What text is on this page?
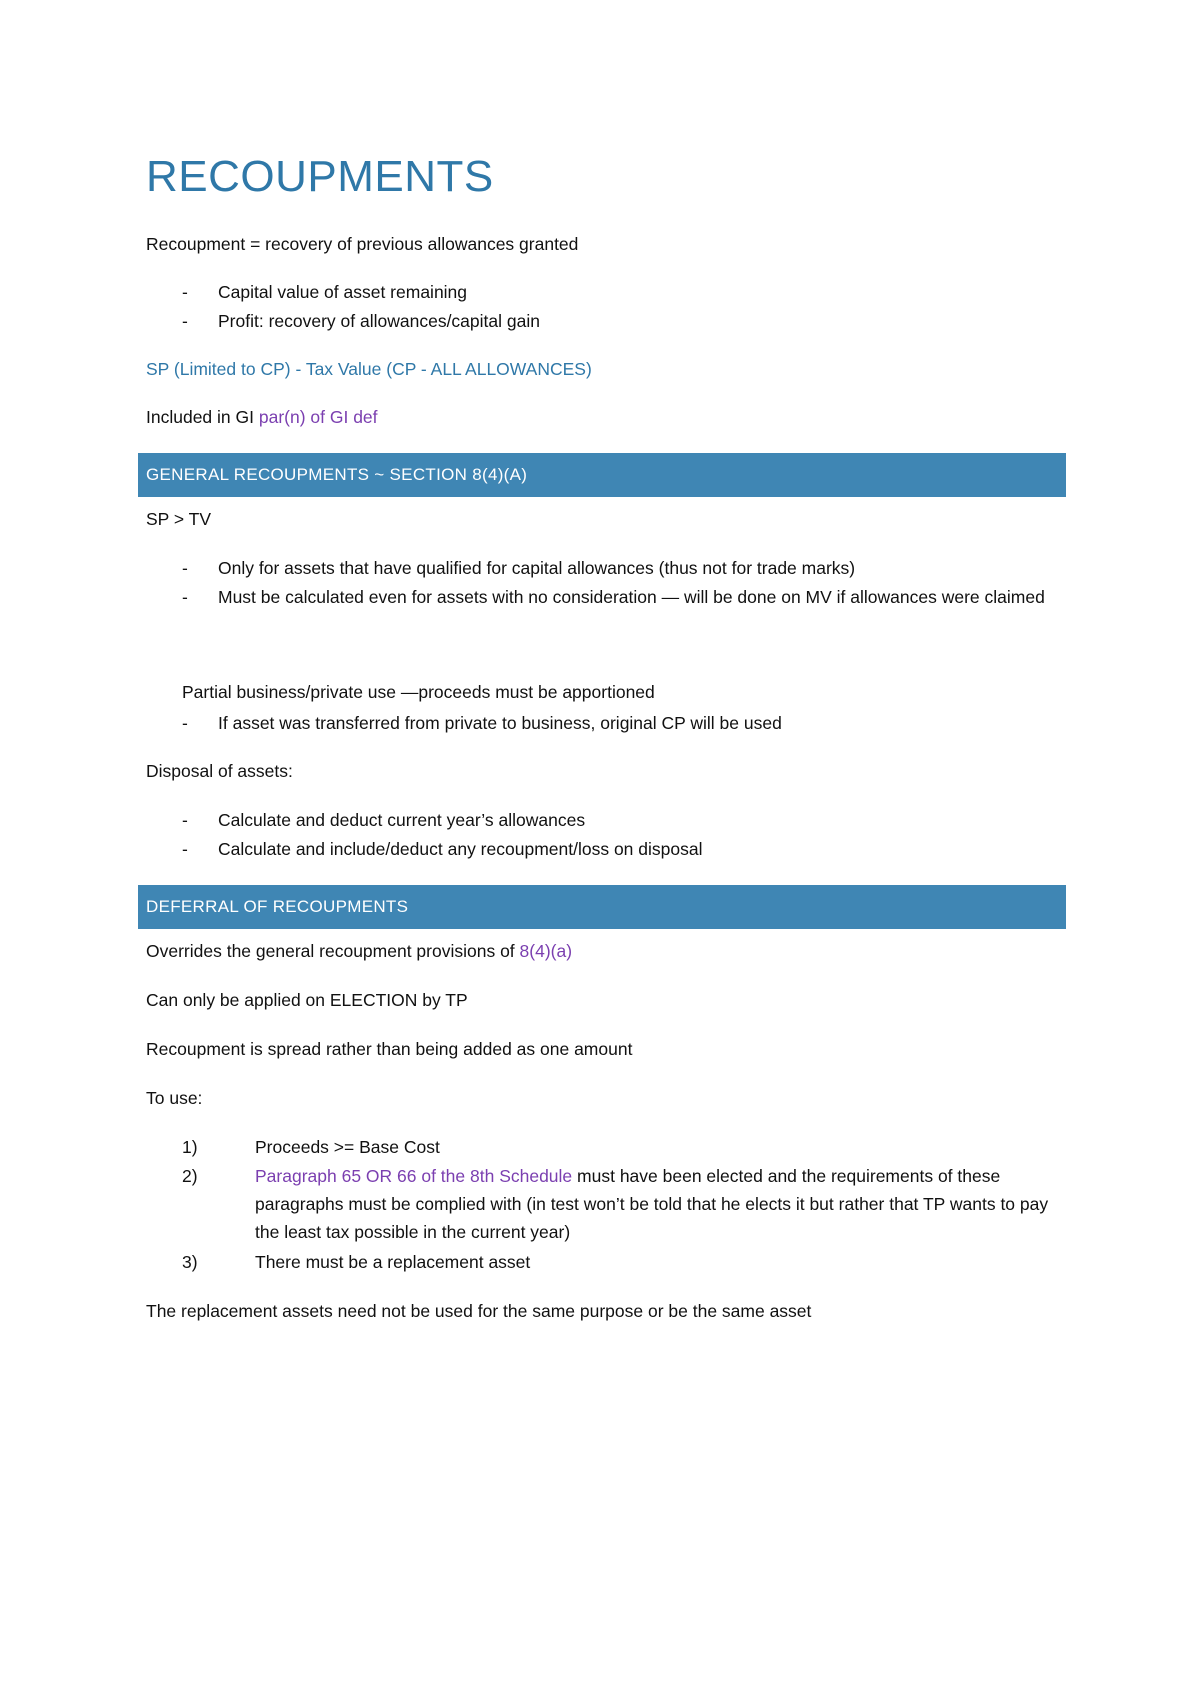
RECOUPMENTS

Recoupment = recovery of previous allowances granted

-	Capital value of asset remaining
-	Profit: recovery of allowances/capital gain

SP (Limited to CP) - Tax Value (CP - ALL ALLOWANCES)

Included in GI par(n) of GI def

GENERAL RECOUPMENTS ~ SECTION 8(4)(A)

SP > TV

-	Only for assets that have qualified for capital allowances (thus not for trade marks)
-	Must be calculated even for assets with no consideration — will be done on MV if allowances were claimed

Partial business/private use —proceeds must be apportioned

-	If asset was transferred from private to business, original CP will be used

Disposal of assets:

-	Calculate and deduct current year’s allowances
-	Calculate and include/deduct any recoupment/loss on disposal
DEFERRAL OF RECOUPMENTS

Overrides the general recoupment provisions of 8(4)(a)

Can only be applied on ELECTION by TP

Recoupment is spread rather than being added as one amount

To use:

1)	Proceeds >= Base Cost
2)	Paragraph 65 OR 66 of the 8th Schedule must have been elected and the requirements of these paragraphs must be complied with (in test won’t be told that he elects it but rather that TP wants to pay the least tax possible in the current year)
3)	There must be a replacement asset

The replacement assets need not be used for the same purpose or be the same asset
